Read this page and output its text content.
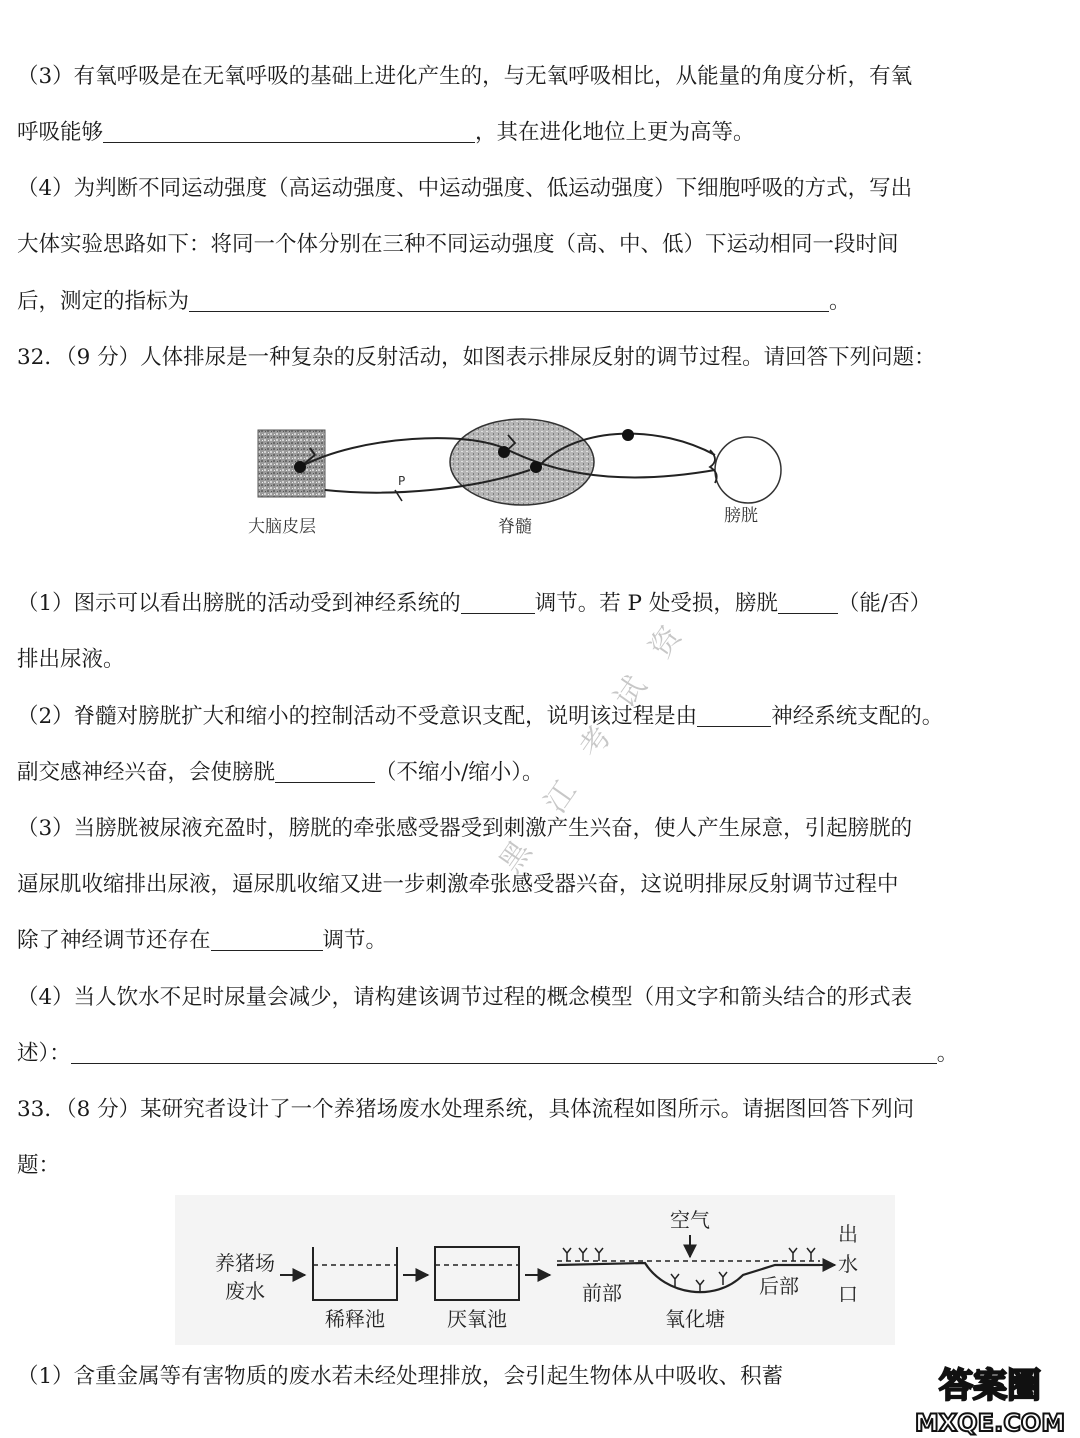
（3）有氧呼吸是在无氧呼吸的基础上进化产生的，与无氧呼吸相比，从能量的角度分析，有氧
呼吸能够	，其在进化地位上更为高等。
（4）为判断不同运动强度（高运动强度、中运动强度、低运动强度）下细胞呼吸的方式，写出
大体实验思路如下：将同一个体分别在三种不同运动强度（高、中、低）下运动相同一段时间
后，测定的指标为	。
32．（9 分）人体排尿是一种复杂的反射活动，如图表示排尿反射的调节过程。请回答下列问题：
P
大脑皮层	脊髓
膀胱
（1）图示可以看出膀胱的活动受到神经系统的	调节。若 P 处受损，膀胱	（能/否）
排出尿液。
（2）脊髓对膀胱扩大和缩小的控制活动不受意识支配，说明该过程是由	神经系统支配的。
副交感神经兴奋，会使膀胱	（不缩小/缩小）。
（3）当膀胱被尿液充盈时，膀胱的牵张感受器受到刺激产生兴奋，使人产生尿意，引起膀胱的
逼尿肌收缩排出尿液，逼尿肌收缩又进一步刺激牵张感受器兴奋，这说明排尿反射调节过程中
除了神经调节还存在	调节。
（4）当人饮水不足时尿量会减少，请构建该调节过程的概念模型（用文字和箭头结合的形式表
述）：	。
33．（8 分）某研究者设计了一个养猪场废水处理系统，具体流程如图所示。请据图回答下列问
题：
养猪场
废水
稀释池	厌氧池
空气
前部
氧化塘
后部
出
水
口
（1）含重金属等有害物质的废水若未经处理排放，会引起生物体从中吸收、积蓄
资
试
考
江
黑
答案圈
MXQE.COM
